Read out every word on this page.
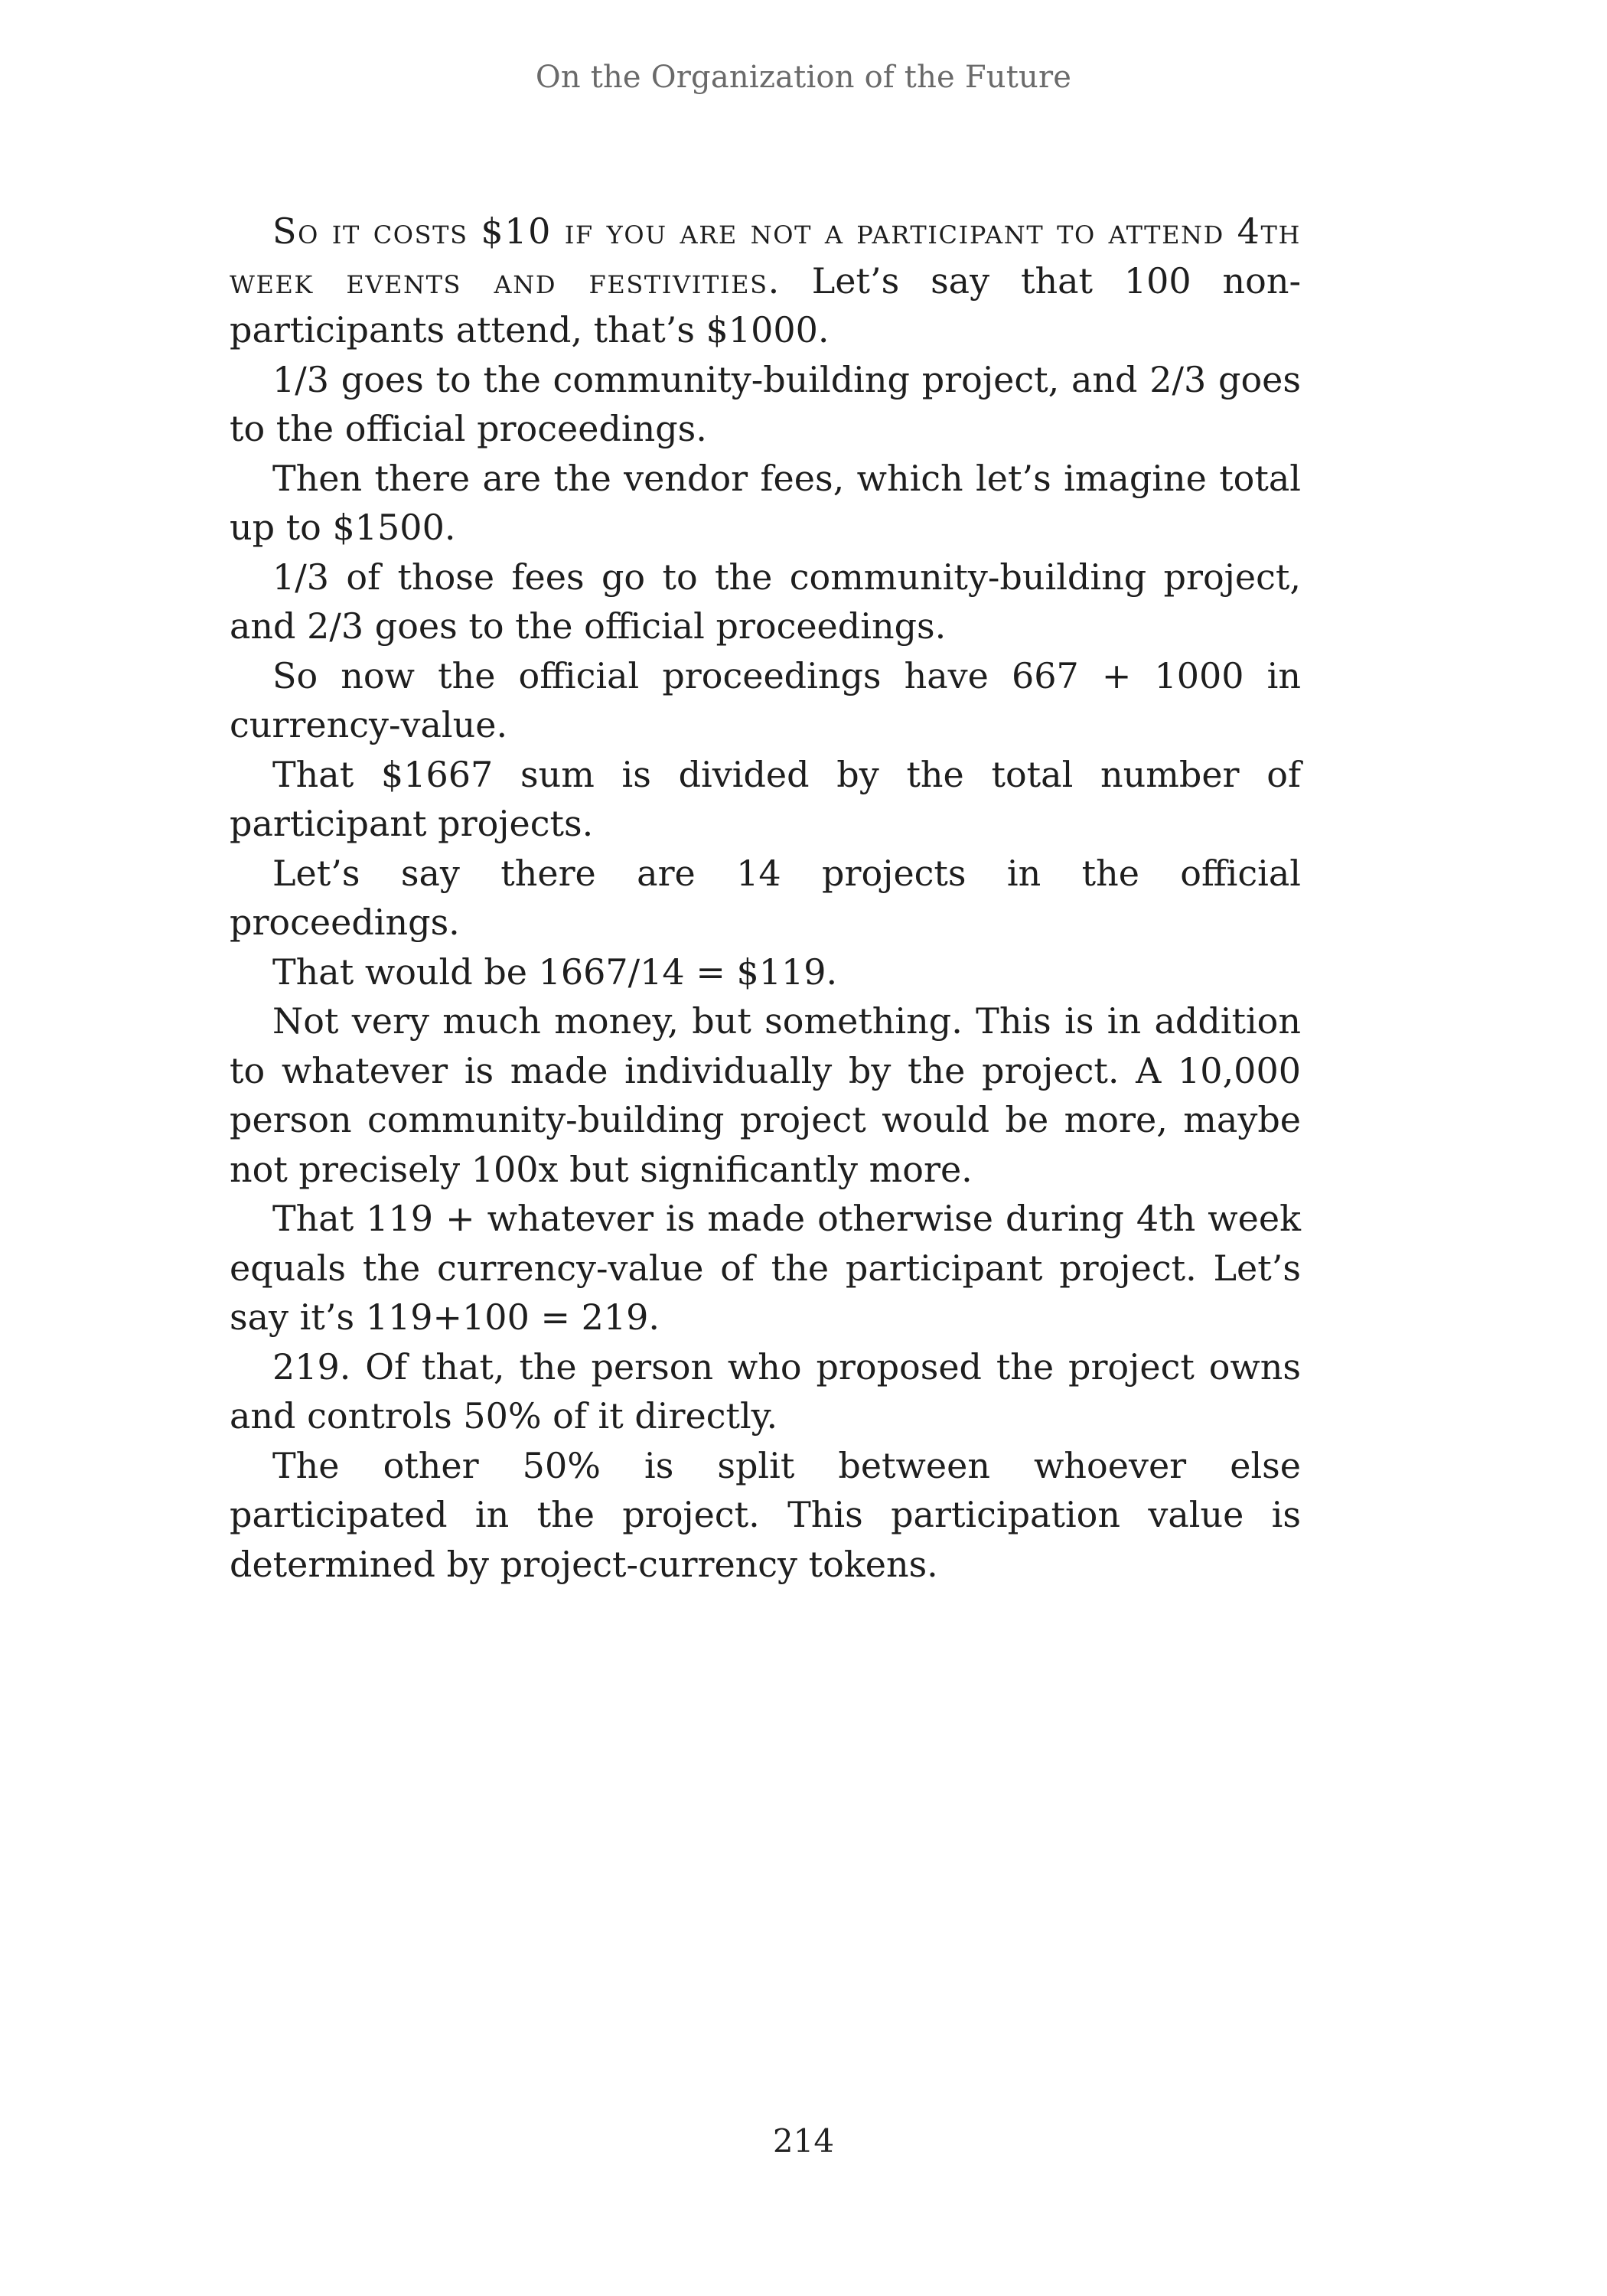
On the Organization of the Future

So it costs $10 if you are not a participant to attend 4th week events and festivities. Let’s say that 100 non-participants attend, that’s $1000.

1/3 goes to the community-building project, and 2/3 goes to the official proceedings.

Then there are the vendor fees, which let’s imagine total up to $1500.

1/3 of those fees go to the community-building project, and 2/3 goes to the official proceedings.

So now the official proceedings have 667 + 1000 in currency-value.

That $1667 sum is divided by the total number of participant projects.

Let’s say there are 14 projects in the official proceedings.

That would be 1667/14 = $119.

Not very much money, but something. This is in addition to whatever is made individually by the project. A 10,000 person community-building project would be more, maybe not precisely 100x but significantly more.

That 119 + whatever is made otherwise during 4th week equals the currency-value of the participant project. Let’s say it’s 119+100 = 219.

219. Of that, the person who proposed the project owns and controls 50% of it directly.

The other 50% is split between whoever else participated in the project. This participation value is determined by project-currency tokens.

214
